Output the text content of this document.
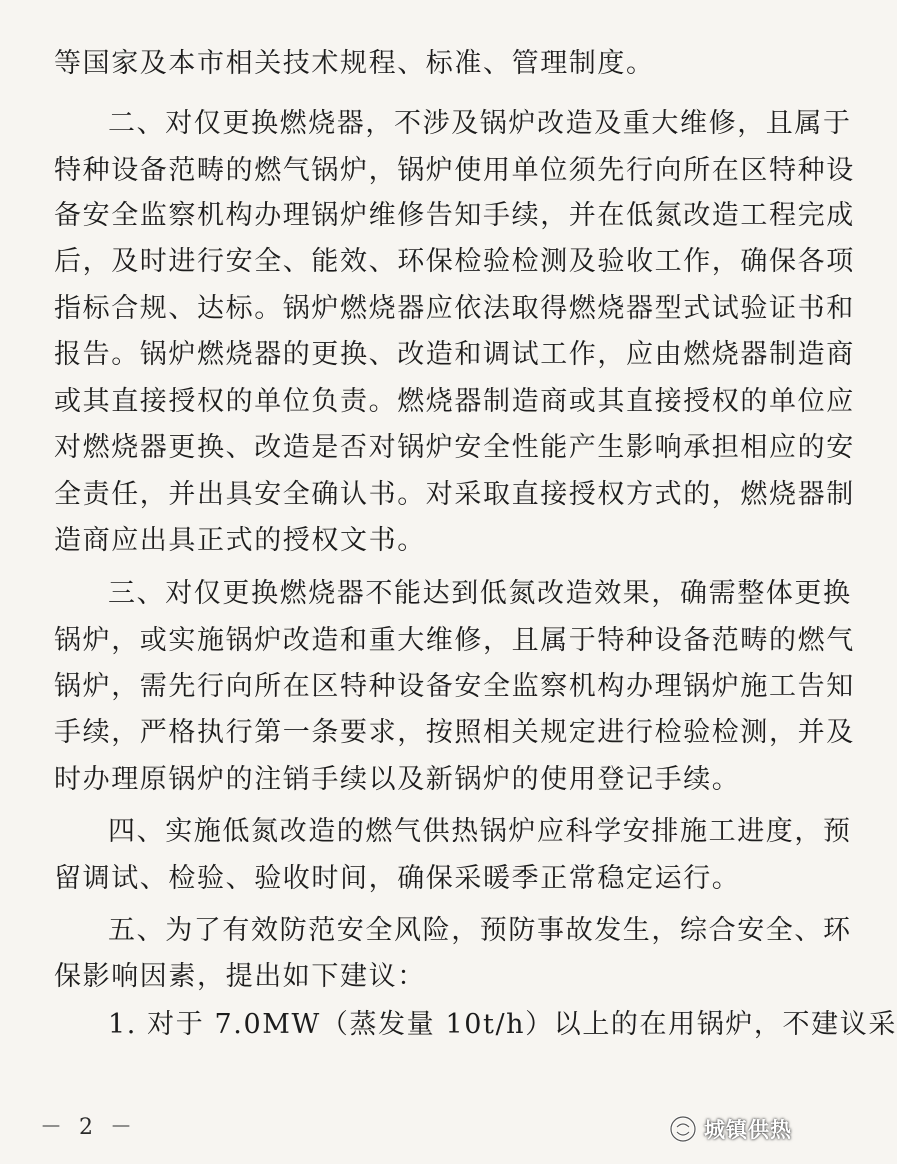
等国家及本市相关技术规程、标准、管理制度。
二、对仅更换燃烧器，不涉及锅炉改造及重大维修，且属于
特种设备范畴的燃气锅炉，锅炉使用单位须先行向所在区特种设
备安全监察机构办理锅炉维修告知手续，并在低氮改造工程完成
后，及时进行安全、能效、环保检验检测及验收工作，确保各项
指标合规、达标。锅炉燃烧器应依法取得燃烧器型式试验证书和
报告。锅炉燃烧器的更换、改造和调试工作，应由燃烧器制造商
或其直接授权的单位负责。燃烧器制造商或其直接授权的单位应
对燃烧器更换、改造是否对锅炉安全性能产生影响承担相应的安
全责任，并出具安全确认书。对采取直接授权方式的，燃烧器制
造商应出具正式的授权文书。
三、对仅更换燃烧器不能达到低氮改造效果，确需整体更换
锅炉，或实施锅炉改造和重大维修，且属于特种设备范畴的燃气
锅炉，需先行向所在区特种设备安全监察机构办理锅炉施工告知
手续，严格执行第一条要求，按照相关规定进行检验检测，并及
时办理原锅炉的注销手续以及新锅炉的使用登记手续。
四、实施低氮改造的燃气供热锅炉应科学安排施工进度，预
留调试、检验、验收时间，确保采暖季正常稳定运行。
五、为了有效防范安全风险，预防事故发生，综合安全、环
保影响因素，提出如下建议：
1. 对于 7.0MW（蒸发量 10t/h）以上的在用锅炉，不建议采
－ 2 －	城镇供热
